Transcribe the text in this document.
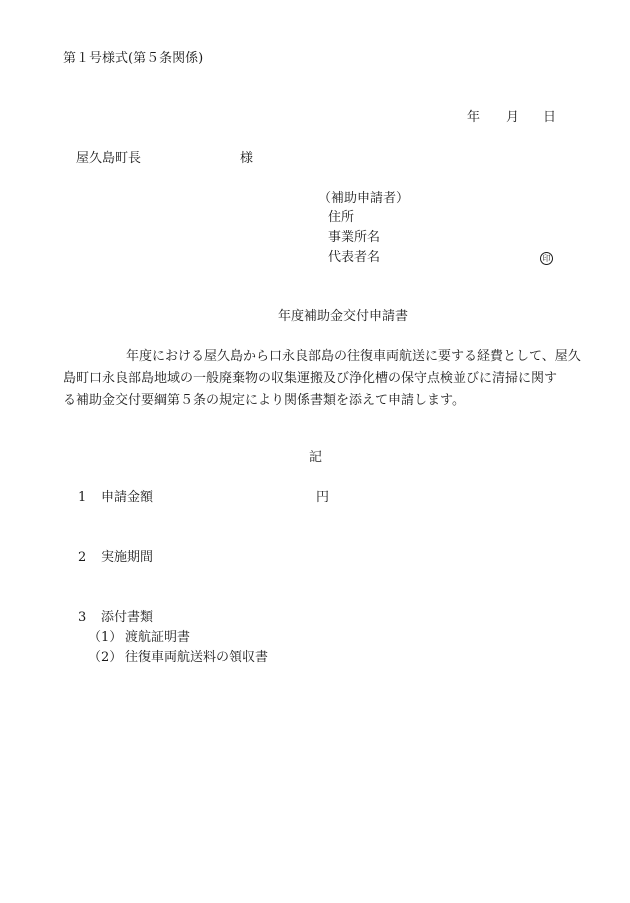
第１号様式(第５条関係)
年 月 日
屋久島町長	様
（補助申請者）
住所
事業所名
代表者名	印
年度補助金交付申請書
年度における屋久島から口永良部島の往復車両航送に要する経費として、屋久
島町口永良部島地域の一般廃棄物の収集運搬及び浄化槽の保守点検並びに清掃に関す
る補助金交付要綱第５条の規定により関係書類を添えて申請します。
記
1 申請金額	円
2 実施期間
3 添付書類
（1） 渡航証明書
（2） 往復車両航送料の領収書
